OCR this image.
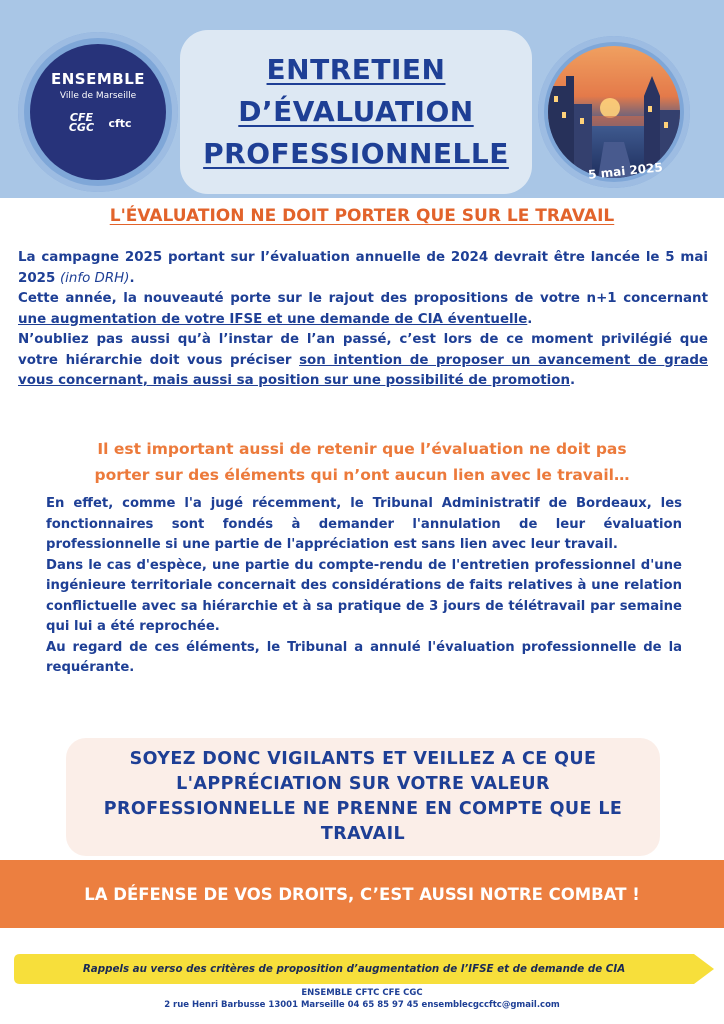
ENSEMBLE
Ville de Marseille
CFE CGC	cftc
ENTRETIEN
D’ÉVALUATION
PROFESSIONNELLE
5 mai 2025
L'ÉVALUATION NE DOIT PORTER QUE SUR LE TRAVAIL
La campagne 2025 portant sur l’évaluation annuelle de 2024 devrait être lancée le 5 mai 2025 (info DRH).
Cette année, la nouveauté porte sur le rajout des propositions de votre n+1 concernant une augmentation de votre IFSE et une demande de CIA éventuelle.
N’oubliez pas aussi qu’à l’instar de l’an passé, c’est lors de ce moment privilégié que votre hiérarchie doit vous préciser son intention de proposer un avancement de grade vous concernant, mais aussi sa position sur une possibilité de promotion.
Il est important aussi de retenir que l’évaluation ne doit pas
porter sur des éléments qui n’ont aucun lien avec le travail…
En effet, comme l'a jugé récemment, le Tribunal Administratif de Bordeaux, les fonctionnaires sont fondés à demander l'annulation de leur évaluation professionnelle si une partie de l'appréciation est sans lien avec leur travail.
Dans le cas d'espèce, une partie du compte-rendu de l'entretien professionnel d'une ingénieure territoriale concernait des considérations de faits relatives à une relation conflictuelle avec sa hiérarchie et à sa pratique de 3 jours de télétravail par semaine qui lui a été reprochée.
Au regard de ces éléments, le Tribunal a annulé l'évaluation professionnelle de la requérante.
SOYEZ DONC VIGILANTS ET VEILLEZ A CE QUE
L'APPRÉCIATION SUR VOTRE VALEUR
PROFESSIONNELLE NE PRENNE EN COMPTE QUE LE
TRAVAIL
LA DÉFENSE DE VOS DROITS, C’EST AUSSI NOTRE COMBAT !
Rappels au verso des critères de proposition d’augmentation de l’IFSE et de demande de CIA
ENSEMBLE CFTC CFE CGC
2 rue Henri Barbusse 13001 Marseille 04 65 85 97 45 ensemblecgccftc@gmail.com
